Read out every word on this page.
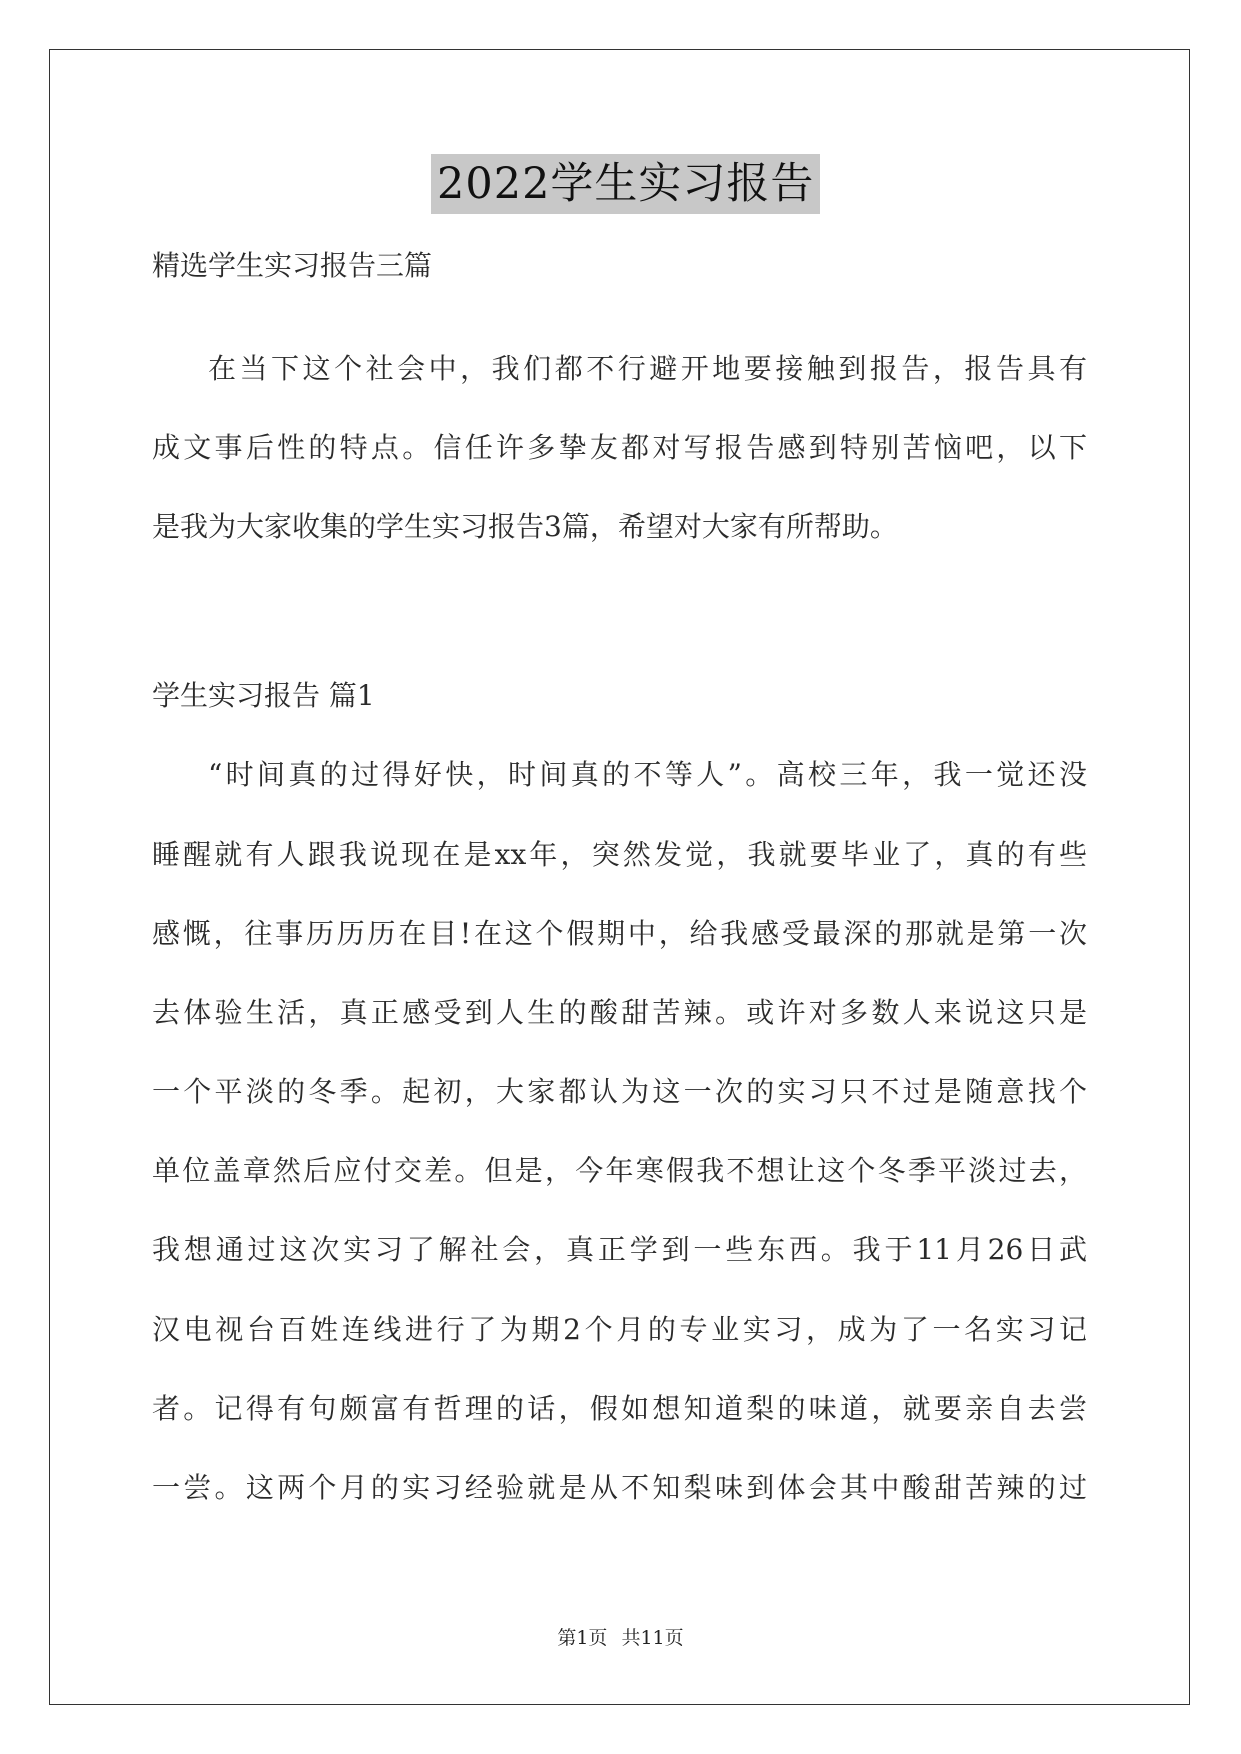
2022学生实习报告
精选学生实习报告三篇
在当下这个社会中，我们都不行避开地要接触到报告，报告具有
成文事后性的特点。信任许多挚友都对写报告感到特别苦恼吧，以下
是我为大家收集的学生实习报告3篇，希望对大家有所帮助。
学生实习报告 篇1
“时间真的过得好快，时间真的不等人”。高校三年，我一觉还没
睡醒就有人跟我说现在是xx年，突然发觉，我就要毕业了，真的有些
感慨，往事历历历在目!在这个假期中，给我感受最深的那就是第一次
去体验生活，真正感受到人生的酸甜苦辣。或许对多数人来说这只是
一个平淡的冬季。起初，大家都认为这一次的实习只不过是随意找个
单位盖章然后应付交差。但是，今年寒假我不想让这个冬季平淡过去，
我想通过这次实习了解社会，真正学到一些东西。我于11月26日武
汉电视台百姓连线进行了为期2个月的专业实习，成为了一名实习记
者。记得有句颇富有哲理的话，假如想知道梨的味道，就要亲自去尝
一尝。这两个月的实习经验就是从不知梨味到体会其中酸甜苦辣的过
第1页 共11页
